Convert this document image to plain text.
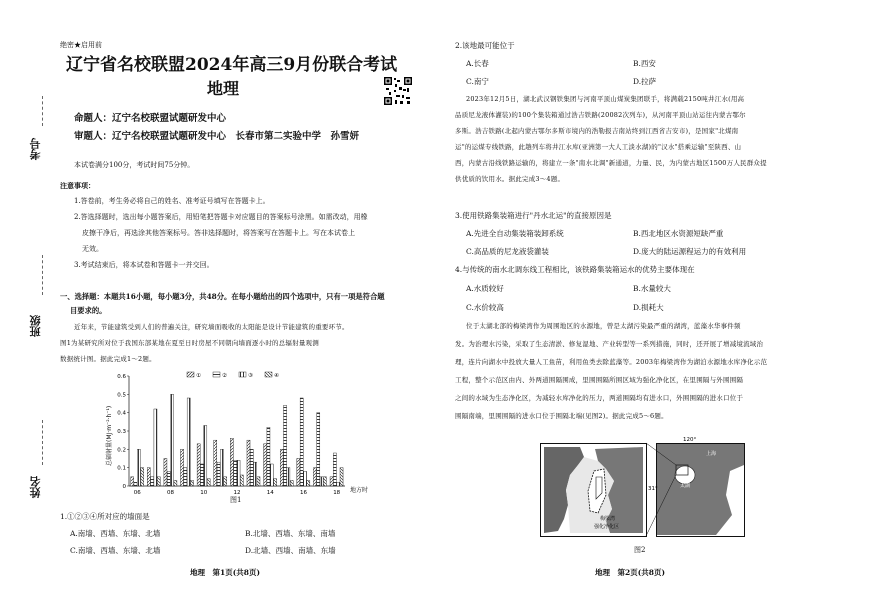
绝密★启用前
辽宁省名校联盟2024年高三9月份联合考试
地理
命题人：辽宁名校联盟试题研发中心
审题人：辽宁名校联盟试题研发中心　长春市第二实验中学　孙雪妍
本试卷满分100分，考试时间75分钟。
注意事项：
1.答卷前，考生务必将自己的姓名、准考证号填写在答题卡上。
2.答选择题时，选出每小题答案后，用铅笔把答题卡对应题目的答案标号涂黑。如需改动，用橡
皮擦干净后，再选涂其他答案标号。答非选择题时，将答案写在答题卡上。写在本试卷上
无效。
3.考试结束后，将本试卷和答题卡一并交回。
一、选择题：本题共16小题，每小题3分，共48分。在每小题给出的四个选项中，只有一项是符合题
目要求的。
近年来，节能建筑受到人们的普遍关注，研究墙面吸收的太阳能是设计节能建筑的重要环节。
图1为某研究所对位于我国东部某地在夏至日时房屋不同朝向墙面逐小时的总辐射量观测
数据统计图。据此完成1～2题。
考号
班级
姓名	0
0.1
0.2
0.3
0.4
0.5
0.6
06	08	10	12	14	16	18
①	②	③	④
总辐射量(MJ·m⁻²·h⁻¹)
地方时
图1
1.①②③④所对应的墙面是
A.南墙、西墙、东墙、北墙	B.北墙、西墙、东墙、南墙
C.南墙、西墙、东墙、北墙	D.北墙、西墙、南墙、东墙
地理　第1页(共8页)
2.该地最可能位于
A.长春	B.西安
C.南宁	D.拉萨
2023年12月5日，湖北武汉钢铁集团与河南平顶山煤炭集团联手，将满载2150吨井江水(用高
品质尼龙液体灌装)的100个集装箱通过浩吉铁路(20082次列车)，从河南平顶山站运往内蒙古鄂尔
多斯。浩吉铁路(北起内蒙古鄂尔多斯市境内的浩勒报吉南站终到江西省吉安市)，是国家"北煤南
运"的运煤专线铁路，此趟列车将井江水库(亚洲第一大人工淡水湖)的"汉水"搭乘运输"至陕西、山
西，内蒙古沿线铁路运输的，将建立一条"南水北调"新通道，力量、民，为内蒙古地区1500万人民群众提
供优质的饮用水。据此完成3～4题。
3.使用铁路集装箱进行"丹水北运"的直接原因是
A.先进全自动集装箱装卸系统	B.西北地区水资源短缺严重
C.高品质的尼龙液袋灌装	D.庞大的陆运源程运力的有效利用
4.与传统的南水北调东线工程相比，该铁路集装箱运水的优势主要体现在
A.水质较好	B.水量较大
C.水价较高	D.损耗大
位于太湖北部的梅梁湾作为周围地区的水源地，曾是太湖污染最严重的湖湾，蓝藻水华事件频
发。为治理水污染，采取了生态清淤、修复湿地、产业转型等一系列措施，同时，还开展了增减境流域治
理，连片向湖水中投放大量人工鱼苗，利用鱼类去除蓝藻等。2003年梅梁湾作为湖泊水源地水库净化示范
工程，整个示范区由内、外两道围隔围成，里围围隔所围区域为强化净化区，在里围隔与外围围隔
之间的水域为生态净化区，为减轻水库净化的压力，两道围隔均有进水口，外围围隔的进水口位于
围隔南端，里围围隔的进水口位于围隔北端(见图2)。据此完成5～6题。
梅梁湾
强化净化区
120°
31°	太湖
上海
图2
地理　第2页(共8页)
